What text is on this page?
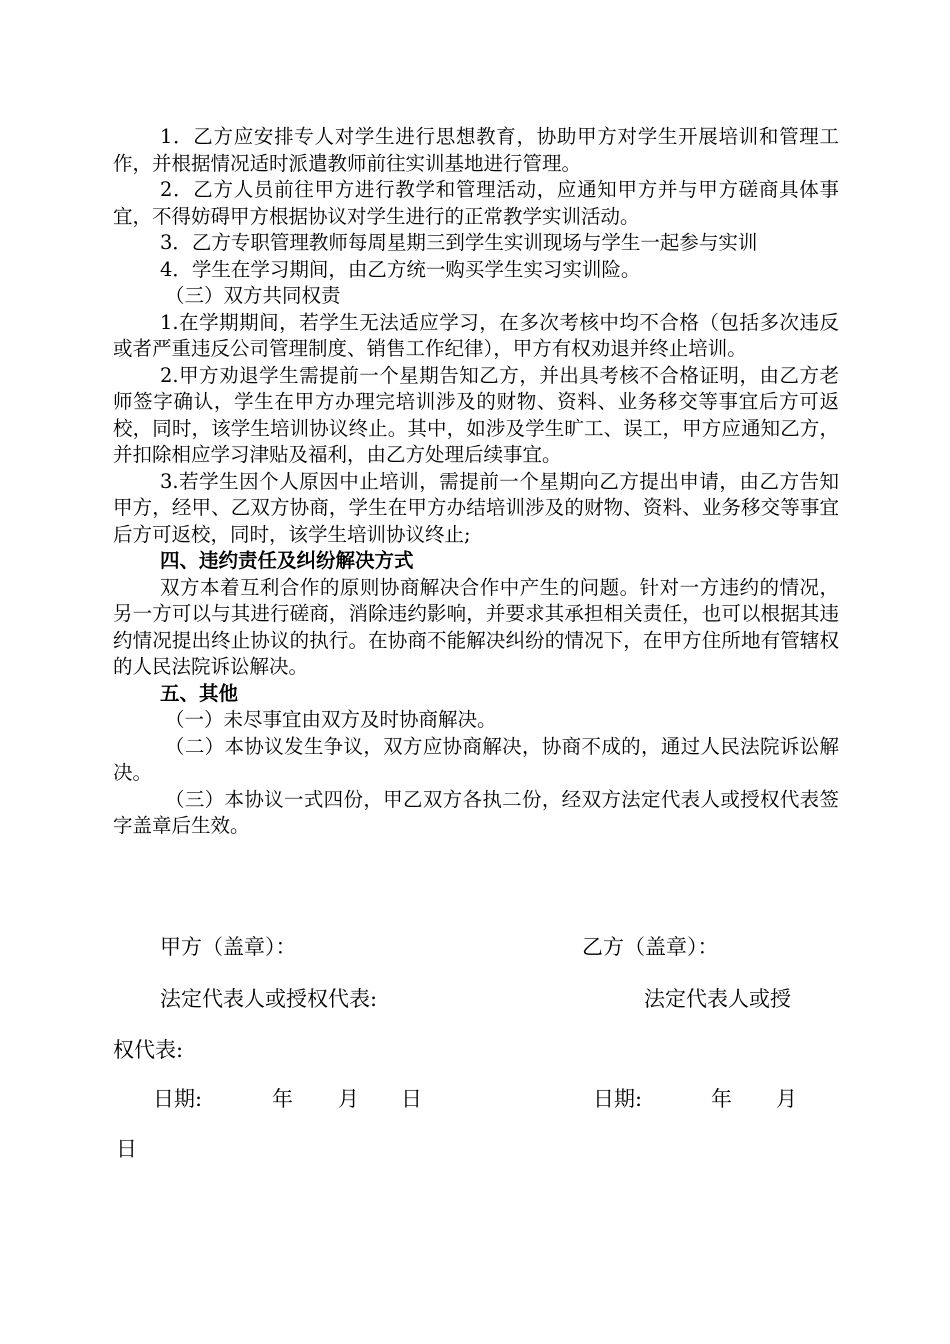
1．乙方应安排专人对学生进行思想教育，协助甲方对学生开展培训和管理工作，并根据情况适时派遣教师前往实训基地进行管理。

2．乙方人员前往甲方进行教学和管理活动，应通知甲方并与甲方磋商具体事宜，不得妨碍甲方根据协议对学生进行的正常教学实训活动。

3．乙方专职管理教师每周星期三到学生实训现场与学生一起参与实训

4．学生在学习期间，由乙方统一购买学生实习实训险。

（三）双方共同权责

1.在学期期间，若学生无法适应学习，在多次考核中均不合格（包括多次违反或者严重违反公司管理制度、销售工作纪律），甲方有权劝退并终止培训。

2.甲方劝退学生需提前一个星期告知乙方，并出具考核不合格证明，由乙方老师签字确认，学生在甲方办理完培训涉及的财物、资料、业务移交等事宜后方可返校，同时，该学生培训协议终止。其中，如涉及学生旷工、误工，甲方应通知乙方，并扣除相应学习津贴及福利，由乙方处理后续事宜。

3.若学生因个人原因中止培训，需提前一个星期向乙方提出申请，由乙方告知甲方，经甲、乙双方协商，学生在甲方办结培训涉及的财物、资料、业务移交等事宜后方可返校，同时，该学生培训协议终止;

四、违约责任及纠纷解决方式

双方本着互利合作的原则协商解决合作中产生的问题。针对一方违约的情况，另一方可以与其进行磋商，消除违约影响，并要求其承担相关责任，也可以根据其违约情况提出终止协议的执行。在协商不能解决纠纷的情况下，在甲方住所地有管辖权的人民法院诉讼解决。

五、其他

（一）未尽事宜由双方及时协商解决。

（二）本协议发生争议，双方应协商解决，协商不成的，通过人民法院诉讼解决。

（三）本协议一式四份，甲乙双方各执二份，经双方法定代表人或授权代表签字盖章后生效。

甲方（盖章）：	乙方（盖章）：
法定代表人或授权代表:	法定代表人或授
权代表:
日期:	年 月 日	日期:	年 月
日
